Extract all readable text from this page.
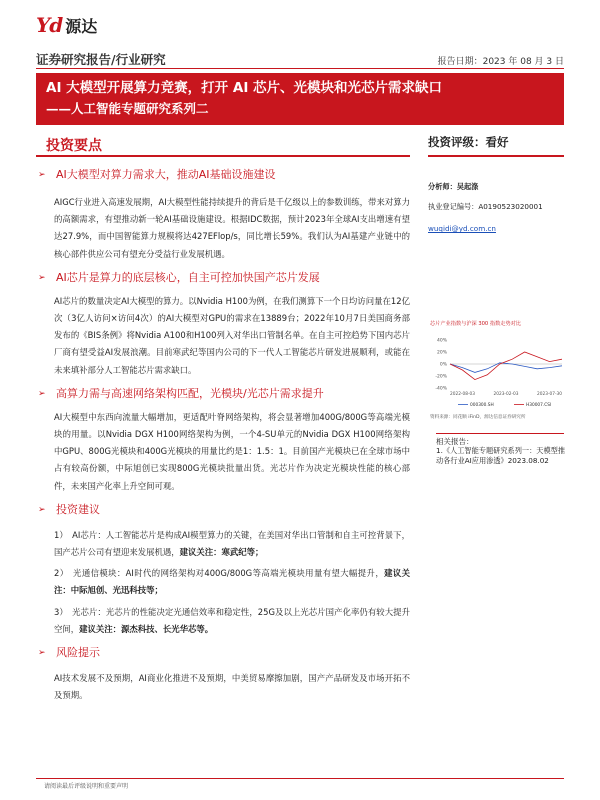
Yd 源达
证券研究报告/行业研究	报告日期：2023 年 08 月 3 日
AI 大模型开展算力竞赛，打开 AI 芯片、光模块和光芯片需求缺口
——人工智能专题研究系列二
投资要点	投资评级：看好
➢ AI大模型对算力需求大，推动AI基础设施建设
AIGC行业进入高速发展期，AI大模型性能持续提升的背后是千亿级以上的参数训练，带来对算力的高额需求，有望推动新一轮AI基础设施建设。根据IDC数据，预计2023年全球AI支出增速有望达27.9%，而中国智能算力规模将达427EFlop/s，同比增长59%。我们认为AI基建产业链中的核心部件供应公司有望充分受益行业发展机遇。
➢ AI芯片是算力的底层核心，自主可控加快国产芯片发展
AI芯片的数量决定AI大模型的算力。以Nvidia H100为例，在我们测算下一个日均访问量在12亿次（3亿人访问×访问4次）的AI大模型对GPU的需求在13889台；2022年10月7日美国商务部发布的《BIS条例》将Nvidia A100和H100列入对华出口管制名单。在自主可控趋势下国内芯片厂商有望受益AI发展浪潮。目前寒武纪等国内公司的下一代人工智能芯片研发进展顺利，或能在未来填补部分人工智能芯片需求缺口。
➢ 高算力需与高速网络架构匹配，光模块/光芯片需求提升
AI大模型中东西向流量大幅增加，更适配叶脊网络架构，将会显著增加400G/800G等高端光模块的用量。以Nvidia DGX H100网络架构为例，一个4-SU单元的Nvidia DGX H100网络架构中GPU、800G光模块和400G光模块的用量比约是1：1.5：1。目前国产光模块已在全球市场中占有较高份额，中际旭创已实现800G光模块批量出货。光芯片作为决定光模块性能的核心部件，未来国产化率上升空间可观。
➢ 投资建议
1）　AI芯片：人工智能芯片是构成AI模型算力的关键，在美国对华出口管制和自主可控背景下，国产芯片公司有望迎来发展机遇，建议关注：寒武纪等；
2）　光通信模块：AI时代的网络架构对400G/800G等高端光模块用量有望大幅提升，建议关注：中际旭创、光迅科技等；
3）　光芯片：光芯片的性能决定光通信效率和稳定性，25G及以上光芯片国产化率仍有较大提升空间，建议关注：源杰科技、长光华芯等。
➢ 风险提示
AI技术发展不及预期，AI商业化推进不及预期，中美贸易摩擦加剧，国产产品研发及市场开拓不及预期。
分析师：吴起涤
执业登记编号：A0190523020001
wuqidi@yd.com.cn
芯片产业指数与沪深 300 指数走势对比
40%
20%
0%
-20%
-40%
2022-08-03	2023-02-03	2023-07-30
000300.SH	H30007.CSI
资料来源：同花顺 iFinD，源达信息证券研究所
相关报告：
1.《人工智能专题研究系列一：天模型推动各行业AI应用渗透》2023.08.02
请阅读最后评级说明和重要声明
